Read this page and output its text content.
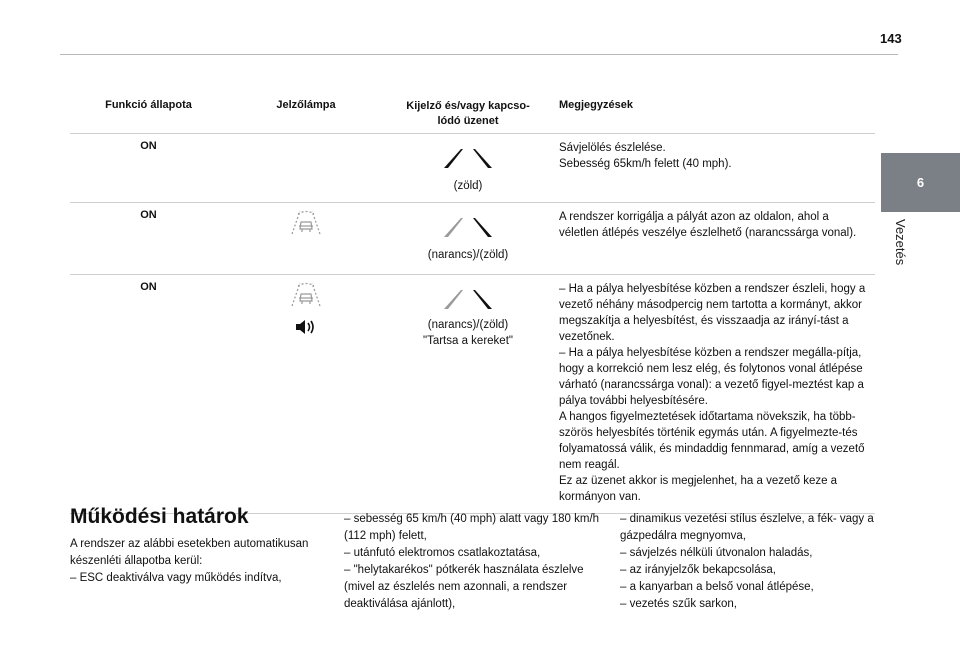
143
6
Vezetés
Funkció állapota	Jelzőlámpa	Kijelző és/vagy kapcso-
lódó üzenet	Megjegyzések
ON		(zöld)	Sávjelölés észlelése.
Sebesség 65km/h felett (40 mph).
ON		(narancs)/(zöld)	A rendszer korrigálja a pályát azon az oldalon, ahol a véletlen átlépés veszélye észlelhető (narancssárga vonal).
ON		(narancs)/(zöld)
"Tartsa a kereket"	– Ha a pálya helyesbítése közben a rendszer észleli, hogy a vezető néhány másodpercig nem tartotta a kormányt, akkor megszakítja a helyesbítést, és visszaadja az irányí-tást a vezetőnek.
– Ha a pálya helyesbítése közben a rendszer megálla-pítja, hogy a korrekció nem lesz elég, és folytonos vonal átlépése várható (narancssárga vonal): a vezető figyel-meztést kap a pálya további helyesbítésére.
A hangos figyelmeztetések időtartama növekszik, ha több-szörös helyesbítés történik egymás után. A figyelmezte-tés folyamatossá válik, és mindaddig fennmarad, amíg a vezető nem reagál.
Ez az üzenet akkor is megjelenhet, ha a vezető keze a kormányon van.
Működési határok
A rendszer az alábbi esetekben automatikusan készenléti állapotba kerül:
– ESC deaktiválva vagy működés indítva,
– sebesség 65 km/h (40 mph) alatt vagy 180 km/h (112 mph) felett,
– utánfutó elektromos csatlakoztatása,
– "helytakarékos" pótkerék használata észlelve (mivel az észlelés nem azonnali, a rendszer deaktiválása ajánlott),
– dinamikus vezetési stílus észlelve, a fék- vagy a gázpedálra megnyomva,
– sávjelzés nélküli útvonalon haladás,
– az irányjelzők bekapcsolása,
– a kanyarban a belső vonal átlépése,
– vezetés szűk sarkon,
